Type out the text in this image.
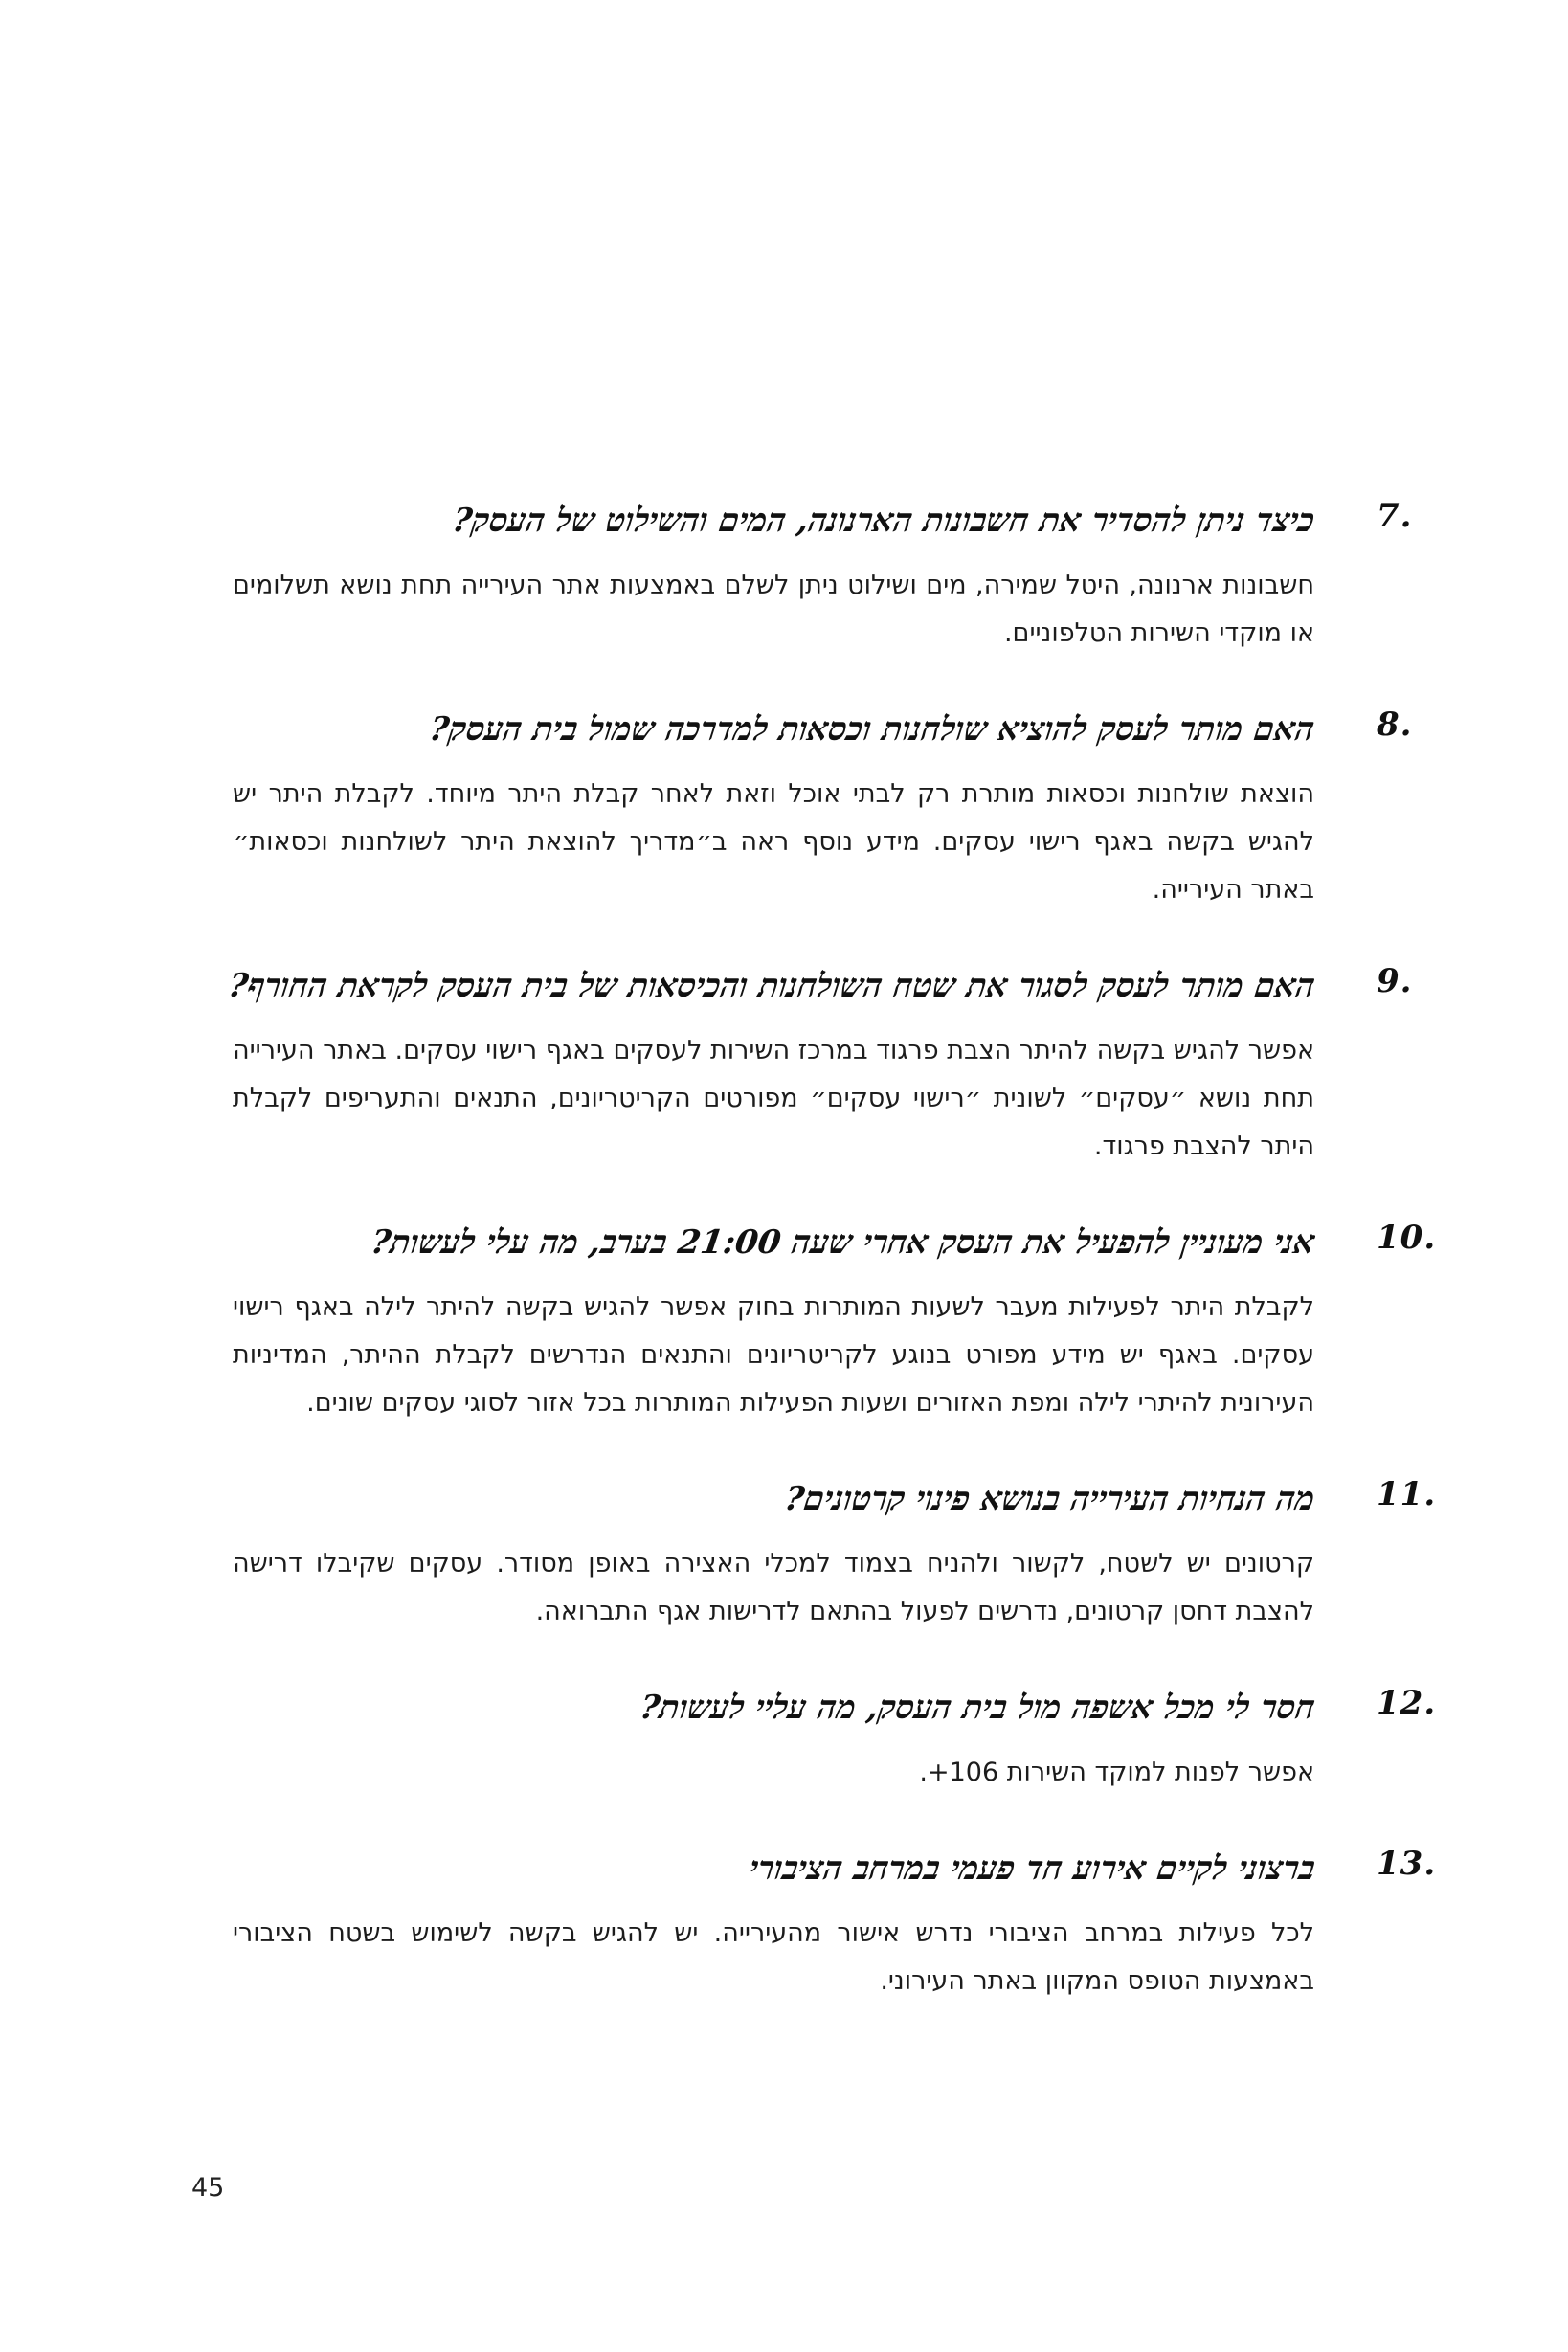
7.
כיצד ניתן להסדיר את חשבונות הארנונה, המים והשילוט של העסק?

חשבונות ארנונה, היטל שמירה, מים ושילוט ניתן לשלם באמצעות אתר העירייה תחת נושא תשלומים או מוקדי השירות הטלפוניים.

8.
האם מותר לעסק להוציא שולחנות וכסאות למדרכה שמול בית העסק?

הוצאת שולחנות וכסאות מותרת רק לבתי אוכל וזאת לאחר קבלת היתר מיוחד. לקבלת היתר יש להגיש בקשה באגף רישוי עסקים. מידע נוסף ראה ב״מדריך להוצאת היתר לשולחנות וכסאות״ באתר העירייה.

9.
האם מותר לעסק לסגור את שטח השולחנות והכיסאות של בית העסק לקראת החורף?

אפשר להגיש בקשה להיתר הצבת פרגוד במרכז השירות לעסקים באגף רישוי עסקים. באתר העירייה תחת נושא ״עסקים״ לשונית ״רישוי עסקים״ מפורטים הקריטריונים, התנאים והתעריפים לקבלת היתר להצבת פרגוד.

10.
אני מעוניין להפעיל את העסק אחרי שעה 21:00 בערב, מה עלי לעשות?

לקבלת היתר לפעילות מעבר לשעות המותרות בחוק אפשר להגיש בקשה להיתר לילה באגף רישוי עסקים. באגף יש מידע מפורט בנוגע לקריטריונים והתנאים הנדרשים לקבלת ההיתר, המדיניות העירונית להיתרי לילה ומפת האזורים ושעות הפעילות המותרות בכל אזור לסוגי עסקים שונים.

11.
מה הנחיות העירייה בנושא פינוי קרטונים?

קרטונים יש לשטח, לקשור ולהניח בצמוד למכלי האצירה באופן מסודר. עסקים שקיבלו דרישה להצבת דחסן קרטונים, נדרשים לפעול בהתאם לדרישות אגף התברואה.

12.
חסר לי מכל אשפה מול בית העסק, מה עליי לעשות?

אפשר לפנות למוקד השירות 106+.

13.
ברצוני לקיים אירוע חד פעמי במרחב הציבורי

לכל פעילות במרחב הציבורי נדרש אישור מהעירייה. יש להגיש בקשה לשימוש בשטח הציבורי באמצעות הטופס המקוון באתר העירוני.

45
